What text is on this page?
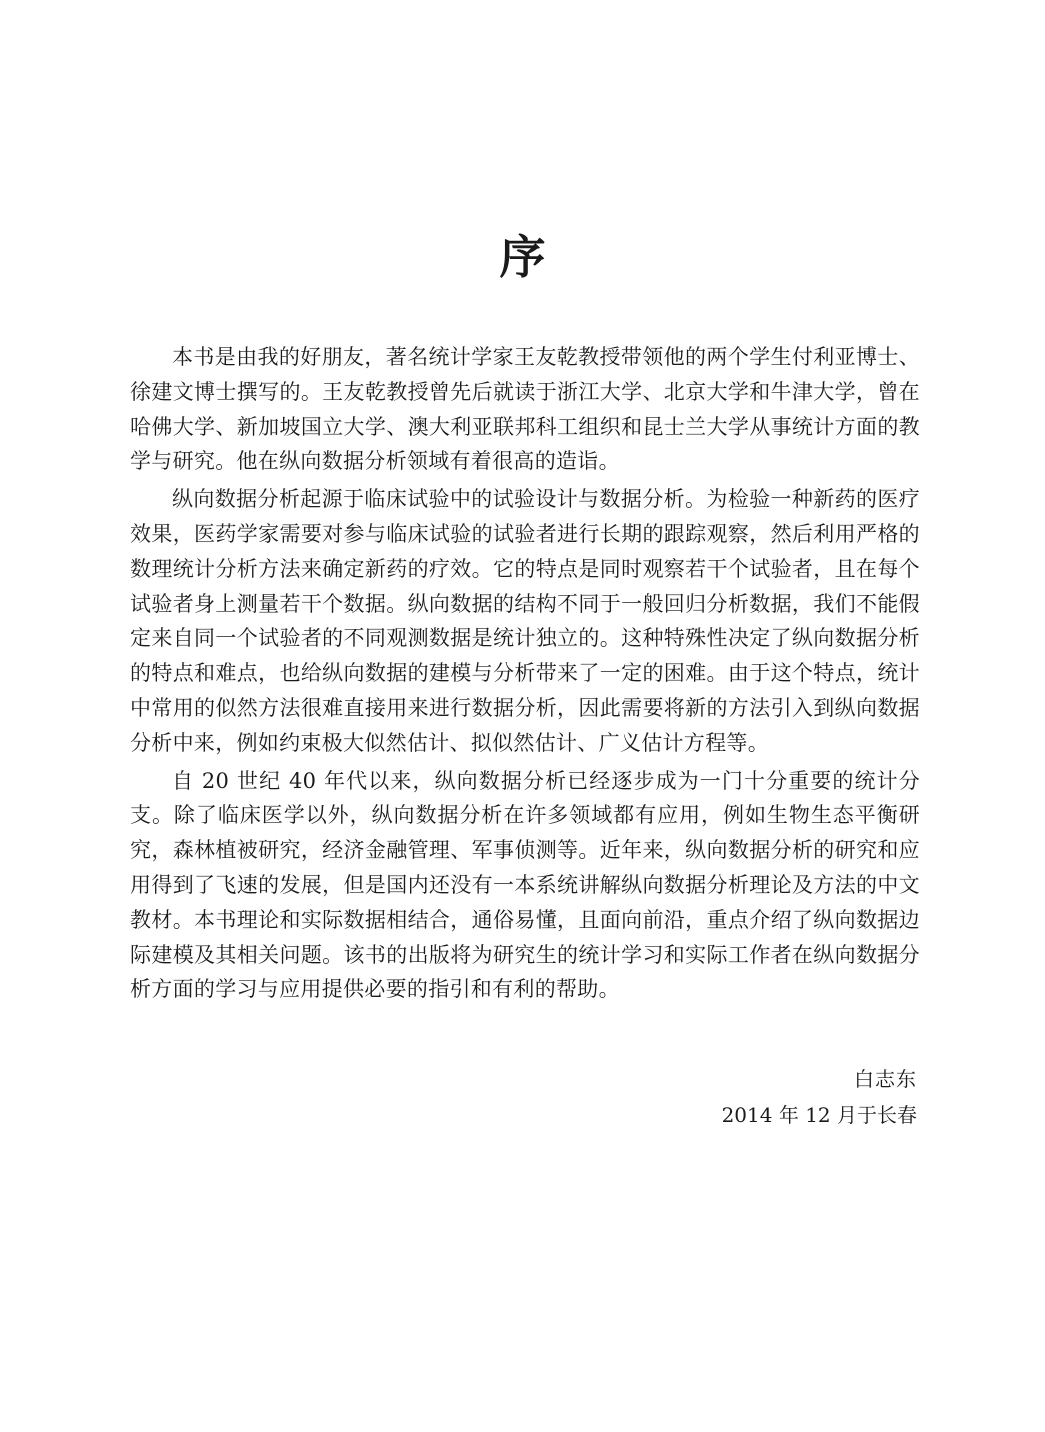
序

本书是由我的好朋友，著名统计学家王友乾教授带领他的两个学生付利亚博士、徐建文博士撰写的。王友乾教授曾先后就读于浙江大学、北京大学和牛津大学，曾在哈佛大学、新加坡国立大学、澳大利亚联邦科工组织和昆士兰大学从事统计方面的教学与研究。他在纵向数据分析领域有着很高的造诣。

纵向数据分析起源于临床试验中的试验设计与数据分析。为检验一种新药的医疗效果，医药学家需要对参与临床试验的试验者进行长期的跟踪观察，然后利用严格的数理统计分析方法来确定新药的疗效。它的特点是同时观察若干个试验者，且在每个试验者身上测量若干个数据。纵向数据的结构不同于一般回归分析数据，我们不能假定来自同一个试验者的不同观测数据是统计独立的。这种特殊性决定了纵向数据分析的特点和难点，也给纵向数据的建模与分析带来了一定的困难。由于这个特点，统计中常用的似然方法很难直接用来进行数据分析，因此需要将新的方法引入到纵向数据分析中来，例如约束极大似然估计、拟似然估计、广义估计方程等。

自 20 世纪 40 年代以来，纵向数据分析已经逐步成为一门十分重要的统计分支。除了临床医学以外，纵向数据分析在许多领域都有应用，例如生物生态平衡研究，森林植被研究，经济金融管理、军事侦测等。近年来，纵向数据分析的研究和应用得到了飞速的发展，但是国内还没有一本系统讲解纵向数据分析理论及方法的中文教材。本书理论和实际数据相结合，通俗易懂，且面向前沿，重点介绍了纵向数据边际建模及其相关问题。该书的出版将为研究生的统计学习和实际工作者在纵向数据分析方面的学习与应用提供必要的指引和有利的帮助。

白志东
2014 年 12 月于长春
